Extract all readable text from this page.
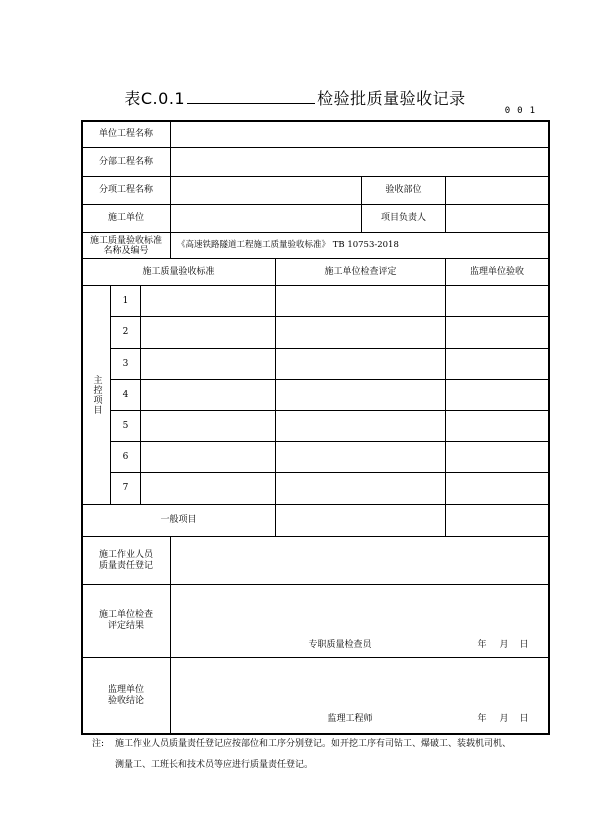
表C.0.1	检验批质量验收记录
001
单位工程名称
分部工程名称
分项工程名称	验收部位
施工单位	项目负责人
施工质量验收标准
名称及编号
《高速铁路隧道工程施工质量验收标准》 TB 10753-2018
施工质量验收标准	施工单位检查评定	监理单位验收
主控项目
1
2
3
4
5
6
7
一般项目
施工作业人员
质量责任登记
施工单位检查
评定结果
专职质量检查员	年	月	日
监理单位
验收结论
监理工程师	年	月	日
注: 施工作业人员质量责任登记应按部位和工序分别登记。如开挖工序有司钻工、爆破工、装载机司机、
测量工、工班长和技术员等应进行质量责任登记。
